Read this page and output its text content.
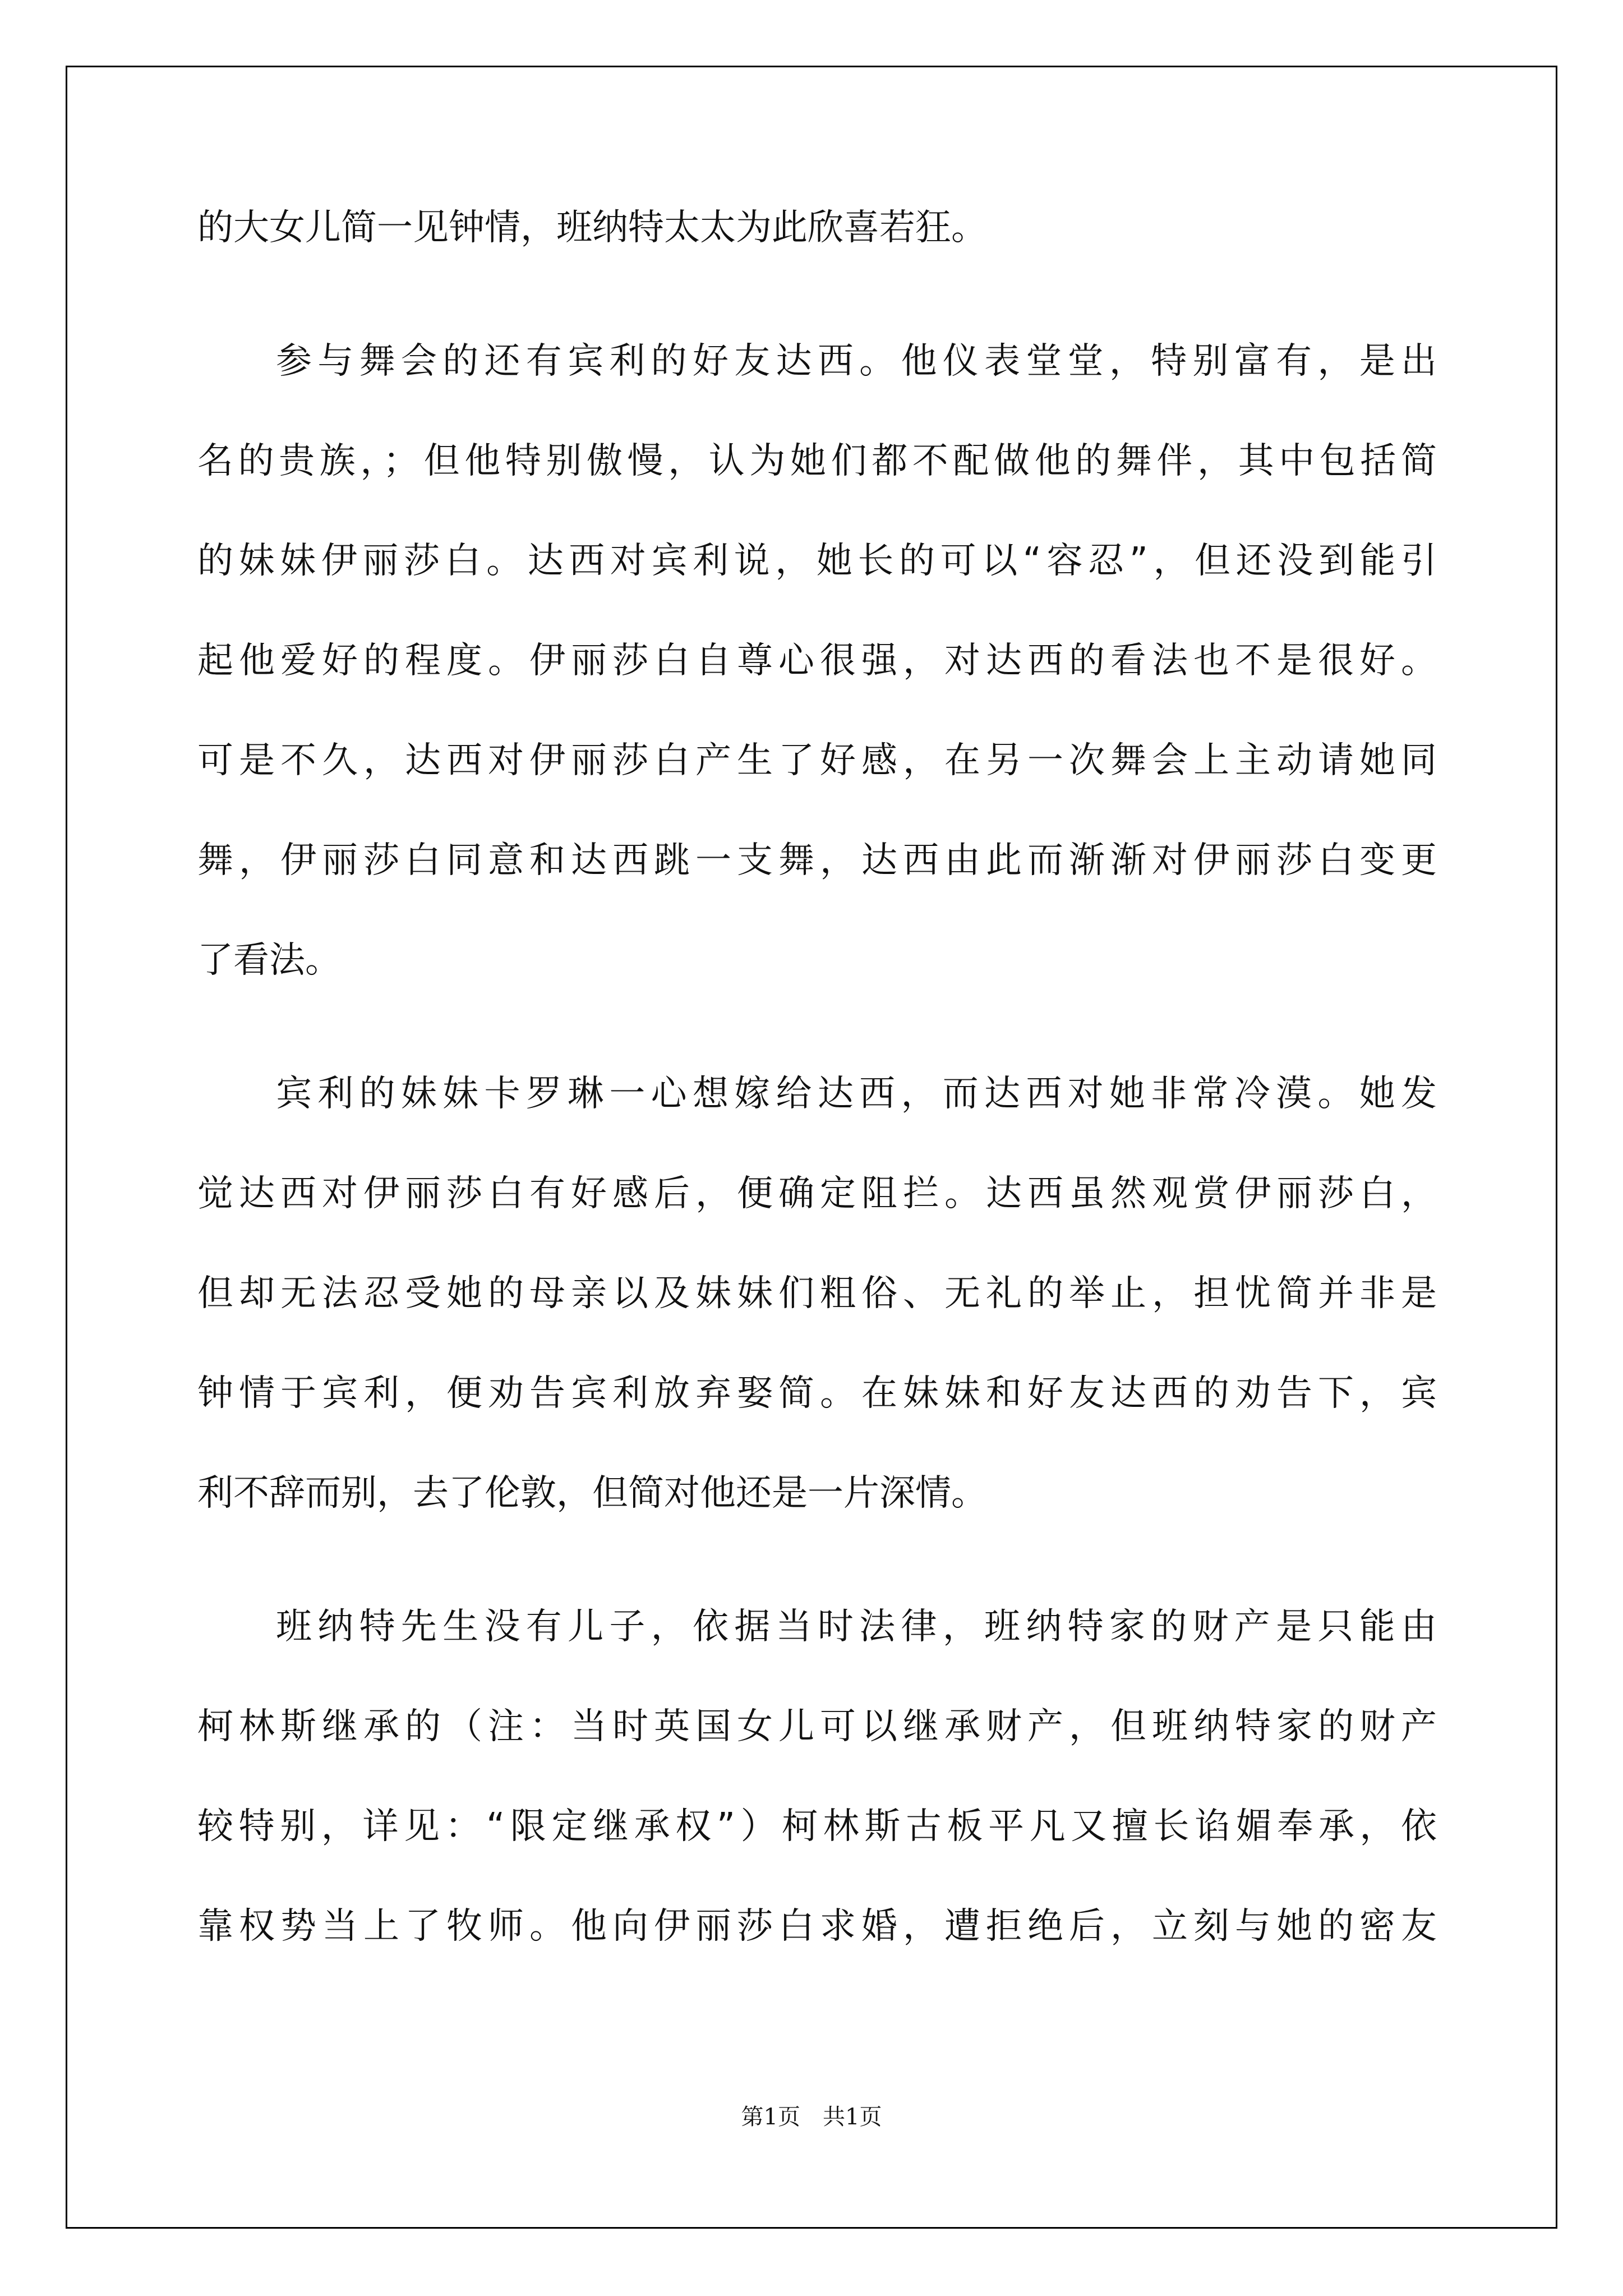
的大女儿简一见钟情，班纳特太太为此欣喜若狂。
参与舞会的还有宾利的好友达西。他仪表堂堂，特别富有，是出
名的贵族，；但他特别傲慢，认为她们都不配做他的舞伴，其中包括简
的妹妹伊丽莎白。达西对宾利说，她长的可以“容忍”，但还没到能引
起他爱好的程度。伊丽莎白自尊心很强，对达西的看法也不是很好。
可是不久，达西对伊丽莎白产生了好感，在另一次舞会上主动请她同
舞，伊丽莎白同意和达西跳一支舞，达西由此而渐渐对伊丽莎白变更
了看法。
宾利的妹妹卡罗琳一心想嫁给达西，而达西对她非常冷漠。她发
觉达西对伊丽莎白有好感后，便确定阻拦。达西虽然观赏伊丽莎白，
但却无法忍受她的母亲以及妹妹们粗俗、无礼的举止，担忧简并非是
钟情于宾利，便劝告宾利放弃娶简。在妹妹和好友达西的劝告下，宾
利不辞而别，去了伦敦，但简对他还是一片深情。
班纳特先生没有儿子，依据当时法律，班纳特家的财产是只能由
柯林斯继承的（注：当时英国女儿可以继承财产，但班纳特家的财产
较特别，详见：“限定继承权”）柯林斯古板平凡又擅长谄媚奉承，依
靠权势当上了牧师。他向伊丽莎白求婚，遭拒绝后，立刻与她的密友
第1页　共1页
